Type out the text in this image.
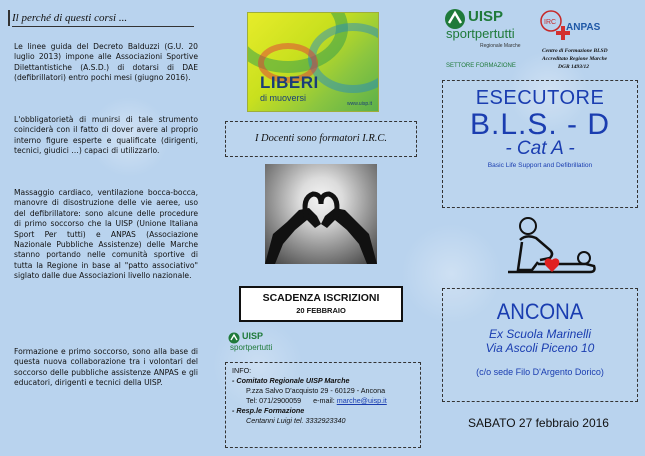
Il perché di questi corsi ...

Le linee guida del Decreto Balduzzi (G.U. 20 luglio 2013) impone alle Associazioni Sportive Dilettantistiche (A.S.D.) di dotarsi di DAE (defibrillatori) entro pochi mesi (giugno 2016).

L'obbligatorietà di munirsi di tale strumento coinciderà con il fatto di dover avere al proprio interno figure esperte e qualificate (dirigenti, tecnici, giudici …) capaci di utilizzarlo.

Massaggio cardiaco, ventilazione bocca-bocca, manovre di disostruzione delle vie aeree, uso del defibrillatore: sono alcune delle procedure di primo soccorso che la UISP (Unione Italiana Sport Per tutti) e ANPAS (Associazione Nazionale Pubbliche Assistenze) delle Marche stanno portando nelle comunità sportive di tutta la Regione in base al "patto associativo" siglato dalle due Associazioni livello nazionale.

Formazione e primo soccorso, sono alla base di questa nuova collaborazione tra i volontari del soccorso delle pubbliche assistenze ANPAS e gli educatori, dirigenti e tecnici della UISP.

LIBERI
di muoversi
www.uisp.it
I Docenti sono formatori I.R.C.
SCADENZA ISCRIZIONI
20 FEBBRAIO
UISP
sportpertutti
INFO:
- Comitato Regionale UISP Marche
P.zza Salvo D'acquisto 29 - 60129 - Ancona
Tel: 071/2900059 e-mail: marche@uisp.it
- Resp.le Formazione
Centanni Luigi tel. 3332923340
UISP
sportpertutti
Regionale Marche
SETTORE FORMAZIONE
IRC ANPAS
Centro di Formazione BLSD
Accreditato Regione Marche
DGR 1493/12
ESECUTORE
B.L.S. - D
- Cat A -
Basic Life Support and Defibrillation
ANCONA
Ex Scuola Marinelli
Via Ascoli Piceno 10
(c/o sede Filo D'Argento Dorico)
SABATO 27 febbraio 2016
